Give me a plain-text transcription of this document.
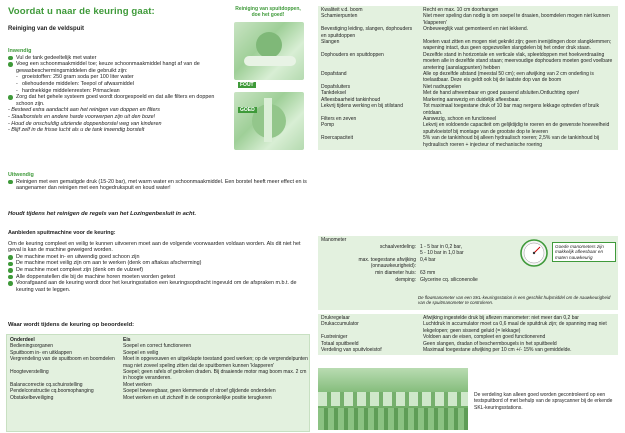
Voordat u naar de keuring gaat:	Reiniging van spuitdoppen, doe het goed!
FOUT
GOED
Reiniging van de veldspuit
Inwendig
Vul de tank gedeeltelijk met water
Voeg een schoonmaakmiddel toe; keuze schoonmaakmiddel hangt af van de gewasbeschermingsmiddelen die gebruikt zijn:
- groeistoffen: 250 gram soda per 100 liter water
- oliehoudende middelen: Teepol of afwasmiddel
- hardnekkige middelenresten: Primaclean
Zorg dat het gehele systeem goed wordt doorgespoeld en dat alle filters en doppen schoon zijn.
- Besteed extra aandacht aan het reinigen van doppen en filters
- Staalborstels en andere harde voorwerpen zijn uit den boze!
- Houd de onschuldig uitziende doppenborstel weg van kinderen
- Blijf zelf in de frisse lucht als u de tank inwendig borstelt
Uitwendig
Reinigen met een gematigde druk (15-20 bar), met warm water en schoonmaakmiddel. Een borstel heeft meer effect en is aangenamer dan reinigen met een hogedrukspuit en koud water!
Houdt tijdens het reinigen de regels van het Lozingenbesluit in acht.
Aanbieden spuitmachine voor de keuring:
Om de keuring compleet en veilig te kunnen uitvoeren moet aan de volgende voorwaarden voldaan worden. Als dit niet het geval is kan de machine geweigerd worden.
De machine moet in- en uitwendig goed schoon zijn
De machine moet veilig zijn om aan te werken (denk om aftakas afscherming)
De machine moet compleet zijn (denk om de vulzeef)
Alle doppenstellen die bij de machine horen moeten worden getest
Voorafgaand aan de keuring wordt door het keuringsstation een keuringsopdracht ingevuld om de afspraken m.b.t. de keuring vast te leggen.
Waar wordt tijdens de keuring op beoordeeld:
Onderdeel	Eis
Bedieningsorganen	Soepel en correct functioneren
Spuitboom in- en uitklappen	Soepel en veilig
Vergrendeling van de spuitboom en boomdelen	Moet in opgevouwen en uitgeklapte toestand goed werken; op de vergrendelpunten mag niet zoveel speling zitten dat de spuitbomen kunnen 'klapperen'
Hoogteverstelling	Soepel; geen rafels of gebroken draden. Bij draaiende motor mag boom max. 2 cm in hoogte veranderen.
Balanscorrectie cq.schuinstelling	Moet werken
Pendelconstructie cq.boomophanging	Soepel beweegbaar, geen klemmende of stroef glijdende onderdelen
Obstakelbeveiliging	Moet werken en uit zichzelf in de oorspronkelijke positie terugkeren
Kwaliteit v.d. boom	Recht en max. 10 cm doorhangen
Schamierpunten	Niet meer speling dan nodig is om soepel te draaien, boomdelen mogen niet kunnen 'klapperen'
Bevestiging leiding, slangen, dophouders en spuitdoppen	Onbeweeglijk vast gemonteerd en niet lekkend.
Slangen	Moeten vast zitten en mogen niet geknikt zijn; geen inenijdingen door slangklemmen; wapening intact, dus geen opgezwollen slangdelen bij het onder druk staan.
Dophouders en spuitdoppen	Dezelfde stand in horizontale en verticale vlak, spleetdoppen met hoekverdraaiing moeten alle in dezelfde stand staan; meervoudige dophouders moeten goed voelbare arretering (aanslagpunten) hebben
Dopafstand	Alle op dezelfde afstand (meestal 50 cm); een afwijking van 2 cm onderling is toelaatbaar. Deze eis geldt ook bij de laatste dop van de boom
Dopafsluiters	Niet nadruppelen
Tankdeksel	Met de hand afneembaar en goed passend afsluiten.Ontluchting open!
Afleesbaarheid tankinhoud	Markering aanwezig en duidelijk afleesbaar.
Lekvrij tijdens werking en bij stilstand	Tot maximaal toegestane druk of 10 bar mag nergens lekkage optreden of bruik ontdaan.
Filters en zeven	Aanwezig, schoon en functioneel
Pomp	Lekvrij en voldoende capaciteit om gelijktijdig te roeren en de gewenste hoeveelheid spuitvloeistof bij montage van de grootste dop te leveren
Roercapaciteit	5% van de tankinhoud bij alleen hydraulisch roeren; 2,5% van de tankinhoud bij hydraulisch roeren + injecteur of mechanische roering
Manometer
schaalverdeling: 1 - 5 bar in 0,2 bar,
5 - 10 bar in 1,0 bar
max. toegestane afwijking (onnauwkeurigheid):
0,4 bar
min diameter huis: 63 mm
demping: Glycerine cq. siliconenolie
Goede manometers zijn makkelijk afleesbaar en maten nauwkeurig
De flowmanometer van een SKL-keuringsstation is een geschikt hulpmiddel om de nauwkeurigheid van de spuitmanometer te controleren.
Drukregelaar	Afwijking ingestelde druk bij aflezen manometer: niet meer dan 0,2 bar
Drukaccumulator	Luchtdruk in accumulator moet ca 0,6 maal de spuitdruk zijn; de spanning mag niet lekgelopen; geen sissend geluid (= lekkage)
Fustreiniger	Voldoen aan de eisen, compleet en goed functionerend
Totaal spuitbeeld	Geen slangen, dradan of beschermbougels in het spuitbeeld
Verdeling van spuitvloeistof	Maximaal toegestane afwijking per 10 cm +/- 15% van gemiddelde.
De verdeling kan alleen goed worden gecontroleerd op een testspuitbord of met behulp van de spraycanner bij de erkende SKL-keuringsstations.
